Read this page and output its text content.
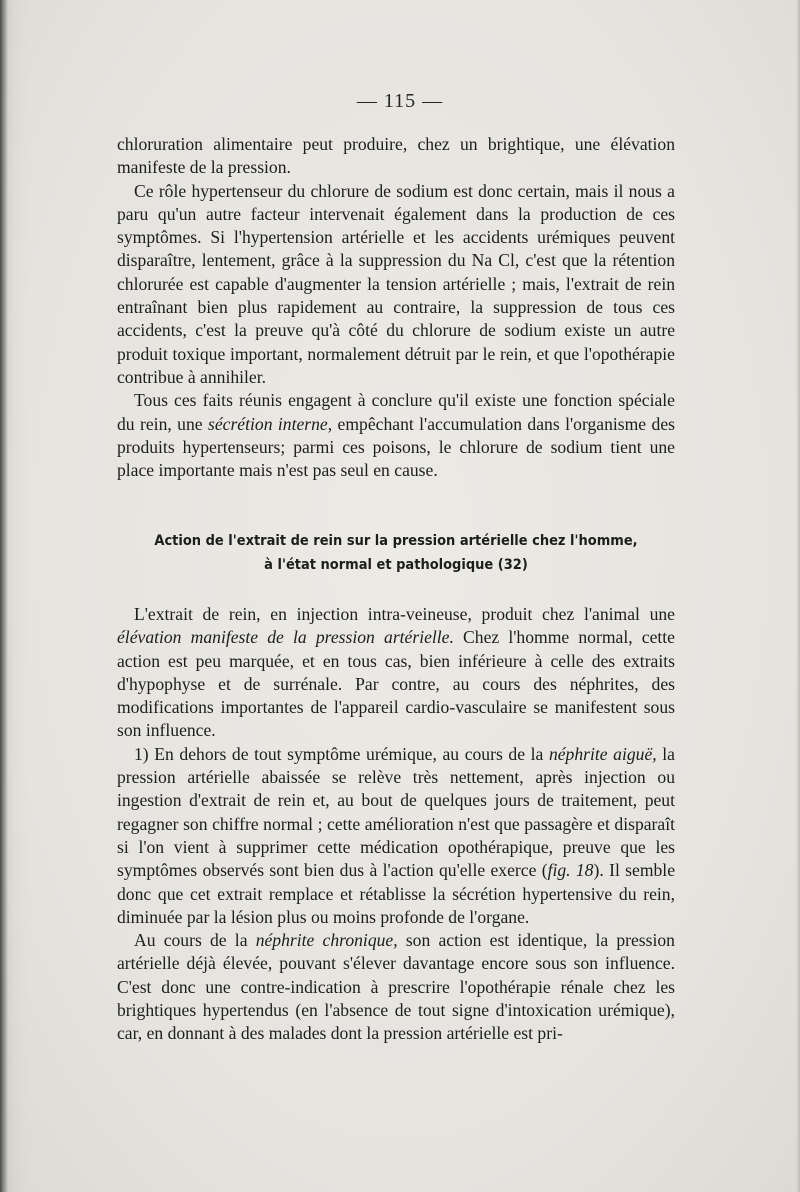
— 115 —

chloruration alimentaire peut produire, chez un brightique, une élévation manifeste de la pression.

Ce rôle hypertenseur du chlorure de sodium est donc certain, mais il nous a paru qu'un autre facteur intervenait également dans la production de ces symptômes. Si l'hypertension artérielle et les accidents urémiques peuvent disparaître, lentement, grâce à la suppression du Na Cl, c'est que la rétention chlorurée est capable d'augmenter la tension artérielle ; mais, l'extrait de rein entraînant bien plus rapidement au contraire, la suppression de tous ces accidents, c'est la preuve qu'à côté du chlorure de sodium existe un autre produit toxique important, normalement détruit par le rein, et que l'opothérapie contribue à annihiler.

Tous ces faits réunis engagent à conclure qu'il existe une fonction spéciale du rein, une sécrétion interne, empêchant l'accumulation dans l'organisme des produits hypertenseurs; parmi ces poisons, le chlorure de sodium tient une place importante mais n'est pas seul en cause.

Action de l'extrait de rein sur la pression artérielle chez l'homme,
à l'état normal et pathologique (32)

L'extrait de rein, en injection intra-veineuse, produit chez l'animal une élévation manifeste de la pression artérielle. Chez l'homme normal, cette action est peu marquée, et en tous cas, bien inférieure à celle des extraits d'hypophyse et de surrénale. Par contre, au cours des néphrites, des modifications importantes de l'appareil cardio-vasculaire se manifestent sous son influence.

1) En dehors de tout symptôme urémique, au cours de la néphrite aiguë, la pression artérielle abaissée se relève très nettement, après injection ou ingestion d'extrait de rein et, au bout de quelques jours de traitement, peut regagner son chiffre normal ; cette amélioration n'est que passagère et disparaît si l'on vient à supprimer cette médication opothérapique, preuve que les symptômes observés sont bien dus à l'action qu'elle exerce (fig. 18). Il semble donc que cet extrait remplace et rétablisse la sécrétion hypertensive du rein, diminuée par la lésion plus ou moins profonde de l'organe.

Au cours de la néphrite chronique, son action est identique, la pression artérielle déjà élevée, pouvant s'élever davantage encore sous son influence. C'est donc une contre-indication à prescrire l'opothérapie rénale chez les brightiques hypertendus (en l'absence de tout signe d'intoxication urémique), car, en donnant à des malades dont la pression artérielle est pri-
